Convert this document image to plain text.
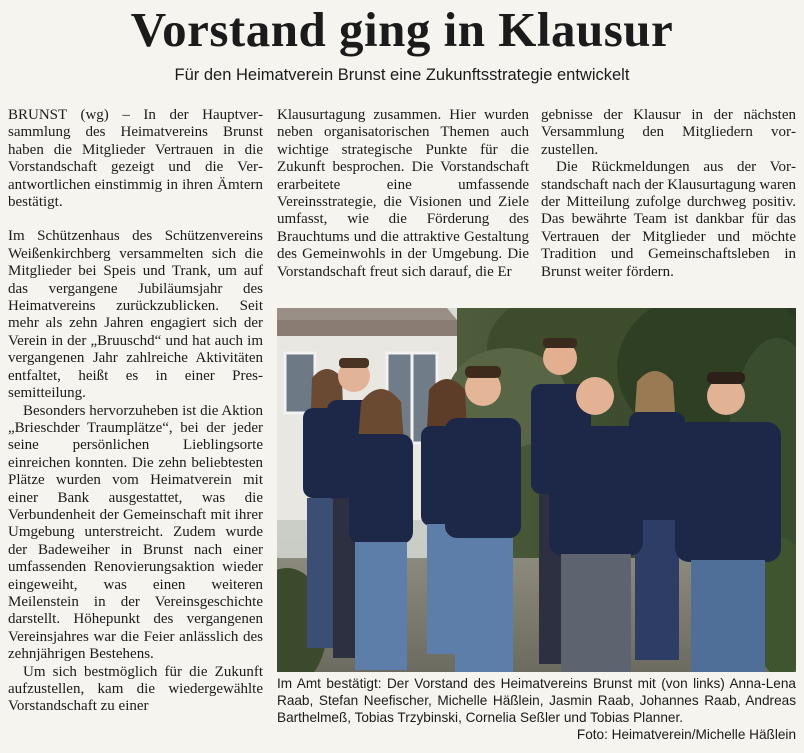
Vorstand ging in Klausur
Für den Heimatverein Brunst eine Zukunftsstrategie entwickelt

BRUNST (wg) – In der Hauptversammlung des Heimatvereins Brunst haben die Mitglieder Vertrauen in die Vorstandschaft gezeigt und die Verantwortlichen einstimmig in ihren Ämtern bestätigt.

Im Schützenhaus des Schützenvereins Weißenkirchberg versammelten sich die Mitglieder bei Speis und Trank, um auf das vergangene Jubiläumsjahr des Heimatvereins zurückzublicken. Seit mehr als zehn Jahren engagiert sich der Verein in der „Bruuschd“ und hat auch im vergangenen Jahr zahlreiche Aktivitäten entfaltet, heißt es in einer Pressemitteilung.

Besonders hervorzuheben ist die Aktion „Brieschder Traumplätze“, bei der jeder seine persönlichen Lieblingsorte einreichen konnten. Die zehn beliebtesten Plätze wurden vom Heimatverein mit einer Bank ausgestattet, was die Verbundenheit der Gemeinschaft mit ihrer Umgebung unterstreicht. Zudem wurde der Badeweiher in Brunst nach einer umfassenden Renovierungsaktion wieder eingeweiht, was einen weiteren Meilenstein in der Vereinsgeschichte darstellt. Höhepunkt des vergangenen Vereinsjahres war die Feier anlässlich des zehnjährigen Bestehens.

Um sich bestmöglich für die Zukunft aufzustellen, kam die wiedergewählte Vorstandschaft zu einer

Klausurtagung zusammen. Hier wurden neben organisatorischen Themen auch wichtige strategische Punkte für die Zukunft besprochen. Die Vorstandschaft erarbeitete eine umfassende Vereinsstrategie, die Visionen und Ziele umfasst, wie die Förderung des Brauchtums und die attraktive Gestaltung des Gemeinwohls in der Umgebung. Die Vorstandschaft freut sich darauf, die Er

gebnisse der Klausur in der nächsten Versammlung den Mitgliedern vorzustellen.

Die Rückmeldungen aus der Vorstandschaft nach der Klausurtagung waren der Mitteilung zufolge durchweg positiv. Das bewährte Team ist dankbar für das Vertrauen der Mitglieder und möchte Tradition und Gemeinschaftsleben in Brunst weiter fördern.

Im Amt bestätigt: Der Vorstand des Heimatvereins Brunst mit (von links) Anna-Lena Raab, Stefan Neefischer, Michelle Häßlein, Jasmin Raab, Johannes Raab, Andreas Barthelmeß, Tobias Trzybinski, Cornelia Seßler und Tobias Planner.
Foto: Heimatverein/Michelle Häßlein
